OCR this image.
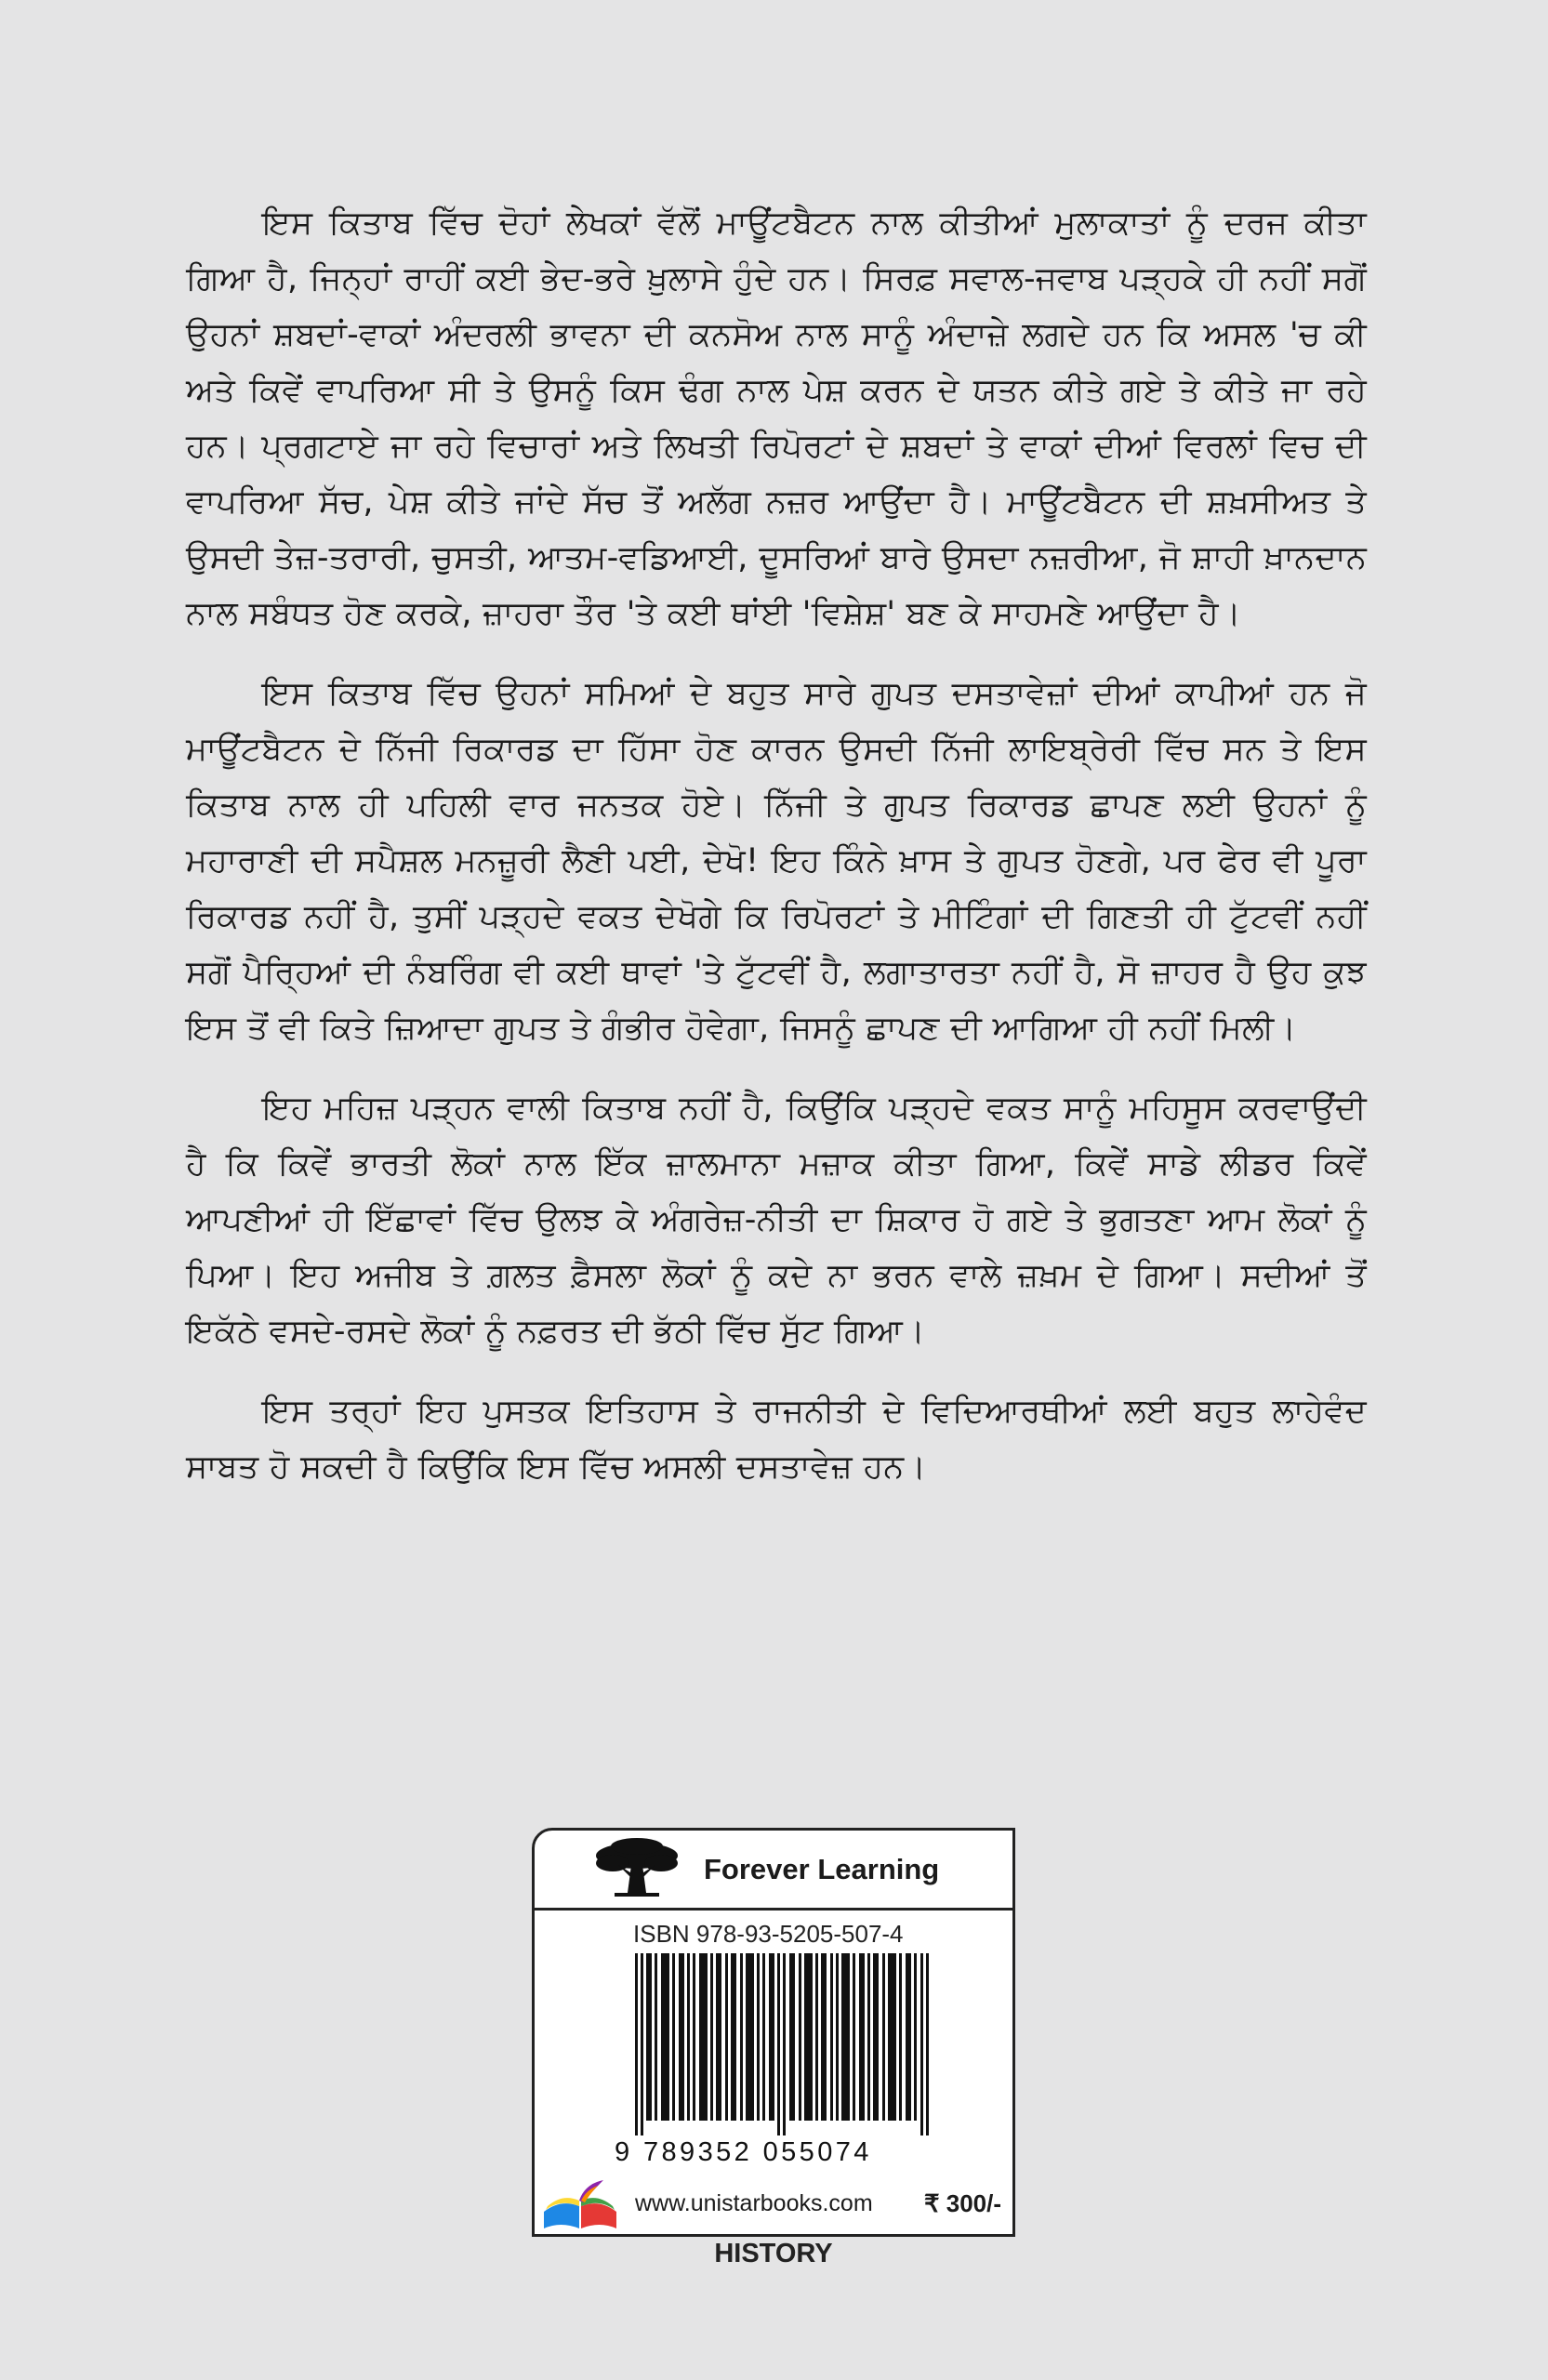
ਇਸ ਕਿਤਾਬ ਵਿੱਚ ਦੋਹਾਂ ਲੇਖਕਾਂ ਵੱਲੋਂ ਮਾਊਂਟਬੈਟਨ ਨਾਲ ਕੀਤੀਆਂ ਮੁਲਾਕਾਤਾਂ ਨੂੰ ਦਰਜ ਕੀਤਾ ਗਿਆ ਹੈ, ਜਿਨ੍ਹਾਂ ਰਾਹੀਂ ਕਈ ਭੇਦ-ਭਰੇ ਖ਼ੁਲਾਸੇ ਹੁੰਦੇ ਹਨ। ਸਿਰਫ਼ ਸਵਾਲ-ਜਵਾਬ ਪੜ੍ਹਕੇ ਹੀ ਨਹੀਂ ਸਗੋਂ ਉਹਨਾਂ ਸ਼ਬਦਾਂ-ਵਾਕਾਂ ਅੰਦਰਲੀ ਭਾਵਨਾ ਦੀ ਕਨਸੋਅ ਨਾਲ ਸਾਨੂੰ ਅੰਦਾਜ਼ੇ ਲਗਦੇ ਹਨ ਕਿ ਅਸਲ 'ਚ ਕੀ ਅਤੇ ਕਿਵੇਂ ਵਾਪਰਿਆ ਸੀ ਤੇ ਉਸਨੂੰ ਕਿਸ ਢੰਗ ਨਾਲ ਪੇਸ਼ ਕਰਨ ਦੇ ਯਤਨ ਕੀਤੇ ਗਏ ਤੇ ਕੀਤੇ ਜਾ ਰਹੇ ਹਨ। ਪ੍ਰਗਟਾਏ ਜਾ ਰਹੇ ਵਿਚਾਰਾਂ ਅਤੇ ਲਿਖਤੀ ਰਿਪੋਰਟਾਂ ਦੇ ਸ਼ਬਦਾਂ ਤੇ ਵਾਕਾਂ ਦੀਆਂ ਵਿਰਲਾਂ ਵਿਚ ਦੀ ਵਾਪਰਿਆ ਸੱਚ, ਪੇਸ਼ ਕੀਤੇ ਜਾਂਦੇ ਸੱਚ ਤੋਂ ਅਲੱਗ ਨਜ਼ਰ ਆਉਂਦਾ ਹੈ। ਮਾਊਂਟਬੈਟਨ ਦੀ ਸ਼ਖ਼ਸੀਅਤ ਤੇ ਉਸਦੀ ਤੇਜ਼-ਤਰਾਰੀ, ਚੁਸਤੀ, ਆਤਮ-ਵਡਿਆਈ, ਦੂਸਰਿਆਂ ਬਾਰੇ ਉਸਦਾ ਨਜ਼ਰੀਆ, ਜੋ ਸ਼ਾਹੀ ਖ਼ਾਨਦਾਨ ਨਾਲ ਸਬੰਧਤ ਹੋਣ ਕਰਕੇ, ਜ਼ਾਹਰਾ ਤੌਰ 'ਤੇ ਕਈ ਥਾਂਈ 'ਵਿਸ਼ੇਸ਼' ਬਣ ਕੇ ਸਾਹਮਣੇ ਆਉਂਦਾ ਹੈ।

ਇਸ ਕਿਤਾਬ ਵਿੱਚ ਉਹਨਾਂ ਸਮਿਆਂ ਦੇ ਬਹੁਤ ਸਾਰੇ ਗੁਪਤ ਦਸਤਾਵੇਜ਼ਾਂ ਦੀਆਂ ਕਾਪੀਆਂ ਹਨ ਜੋ ਮਾਊਂਟਬੈਟਨ ਦੇ ਨਿੱਜੀ ਰਿਕਾਰਡ ਦਾ ਹਿੱਸਾ ਹੋਣ ਕਾਰਨ ਉਸਦੀ ਨਿੱਜੀ ਲਾਇਬ੍ਰੇਰੀ ਵਿੱਚ ਸਨ ਤੇ ਇਸ ਕਿਤਾਬ ਨਾਲ ਹੀ ਪਹਿਲੀ ਵਾਰ ਜਨਤਕ ਹੋਏ। ਨਿੱਜੀ ਤੇ ਗੁਪਤ ਰਿਕਾਰਡ ਛਾਪਣ ਲਈ ਉਹਨਾਂ ਨੂੰ ਮਹਾਰਾਣੀ ਦੀ ਸਪੈਸ਼ਲ ਮਨਜ਼ੂਰੀ ਲੈਣੀ ਪਈ, ਦੇਖੋ! ਇਹ ਕਿੰਨੇ ਖ਼ਾਸ ਤੇ ਗੁਪਤ ਹੋਣਗੇ, ਪਰ ਫੇਰ ਵੀ ਪੂਰਾ ਰਿਕਾਰਡ ਨਹੀਂ ਹੈ, ਤੁਸੀਂ ਪੜ੍ਹਦੇ ਵਕਤ ਦੇਖੋਗੇ ਕਿ ਰਿਪੋਰਟਾਂ ਤੇ ਮੀਟਿੰਗਾਂ ਦੀ ਗਿਣਤੀ ਹੀ ਟੁੱਟਵੀਂ ਨਹੀਂ ਸਗੋਂ ਪੈਰ੍ਹਿਆਂ ਦੀ ਨੰਬਰਿੰਗ ਵੀ ਕਈ ਥਾਵਾਂ 'ਤੇ ਟੁੱਟਵੀਂ ਹੈ, ਲਗਾਤਾਰਤਾ ਨਹੀਂ ਹੈ, ਸੋ ਜ਼ਾਹਰ ਹੈ ਉਹ ਕੁਝ ਇਸ ਤੋਂ ਵੀ ਕਿਤੇ ਜ਼ਿਆਦਾ ਗੁਪਤ ਤੇ ਗੰਭੀਰ ਹੋਵੇਗਾ, ਜਿਸਨੂੰ ਛਾਪਣ ਦੀ ਆਗਿਆ ਹੀ ਨਹੀਂ ਮਿਲੀ।

ਇਹ ਮਹਿਜ਼ ਪੜ੍ਹਨ ਵਾਲੀ ਕਿਤਾਬ ਨਹੀਂ ਹੈ, ਕਿਉਂਕਿ ਪੜ੍ਹਦੇ ਵਕਤ ਸਾਨੂੰ ਮਹਿਸੂਸ ਕਰਵਾਉਂਦੀ ਹੈ ਕਿ ਕਿਵੇਂ ਭਾਰਤੀ ਲੋਕਾਂ ਨਾਲ ਇੱਕ ਜ਼ਾਲਮਾਨਾ ਮਜ਼ਾਕ ਕੀਤਾ ਗਿਆ, ਕਿਵੇਂ ਸਾਡੇ ਲੀਡਰ ਕਿਵੇਂ ਆਪਣੀਆਂ ਹੀ ਇੱਛਾਵਾਂ ਵਿੱਚ ਉਲਝ ਕੇ ਅੰਗਰੇਜ਼-ਨੀਤੀ ਦਾ ਸ਼ਿਕਾਰ ਹੋ ਗਏ ਤੇ ਭੁਗਤਣਾ ਆਮ ਲੋਕਾਂ ਨੂੰ ਪਿਆ। ਇਹ ਅਜੀਬ ਤੇ ਗ਼ਲਤ ਫ਼ੈਸਲਾ ਲੋਕਾਂ ਨੂੰ ਕਦੇ ਨਾ ਭਰਨ ਵਾਲੇ ਜ਼ਖ਼ਮ ਦੇ ਗਿਆ। ਸਦੀਆਂ ਤੋਂ ਇਕੱਠੇ ਵਸਦੇ-ਰਸਦੇ ਲੋਕਾਂ ਨੂੰ ਨਫ਼ਰਤ ਦੀ ਭੱਠੀ ਵਿੱਚ ਸੁੱਟ ਗਿਆ।

ਇਸ ਤਰ੍ਹਾਂ ਇਹ ਪੁਸਤਕ ਇਤਿਹਾਸ ਤੇ ਰਾਜਨੀਤੀ ਦੇ ਵਿਦਿਆਰਥੀਆਂ ਲਈ ਬਹੁਤ ਲਾਹੇਵੰਦ ਸਾਬਤ ਹੋ ਸਕਦੀ ਹੈ ਕਿਉਂਕਿ ਇਸ ਵਿੱਚ ਅਸਲੀ ਦਸਤਾਵੇਜ਼ ਹਨ।

Forever Learning
ISBN 978-93-5205-507-4
9 789352 055074
www.unistarbooks.com ₹ 300/-
HISTORY
